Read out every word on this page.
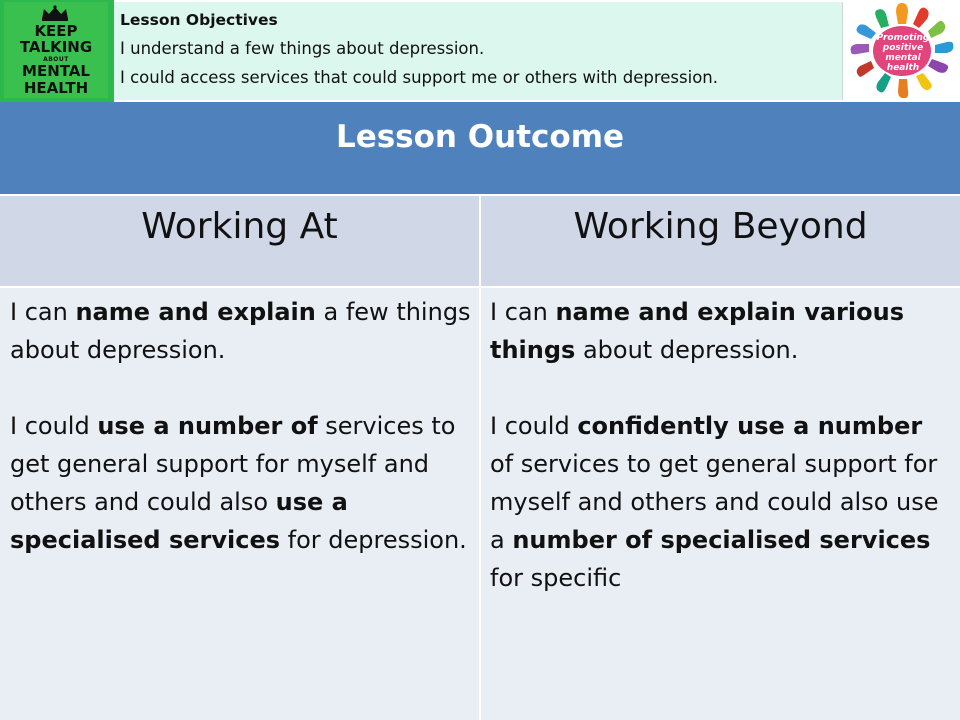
KEEP
TALKING
ABOUT
MENTAL
HEALTH
Lesson Objectives
I understand a few things about depression.
I could access services that could support me or others with depression.
Promoting
positive
mental
health
Lesson Outcome
Working At	Working Beyond
I can name and explain a few things about depression.
I could use a number of services to get general support for myself and others and could also use a specialised services for depression.
I can name and explain various things about depression.
I could confidently use a number of services to get general support for myself and others and could also use a number of specialised services for specific
